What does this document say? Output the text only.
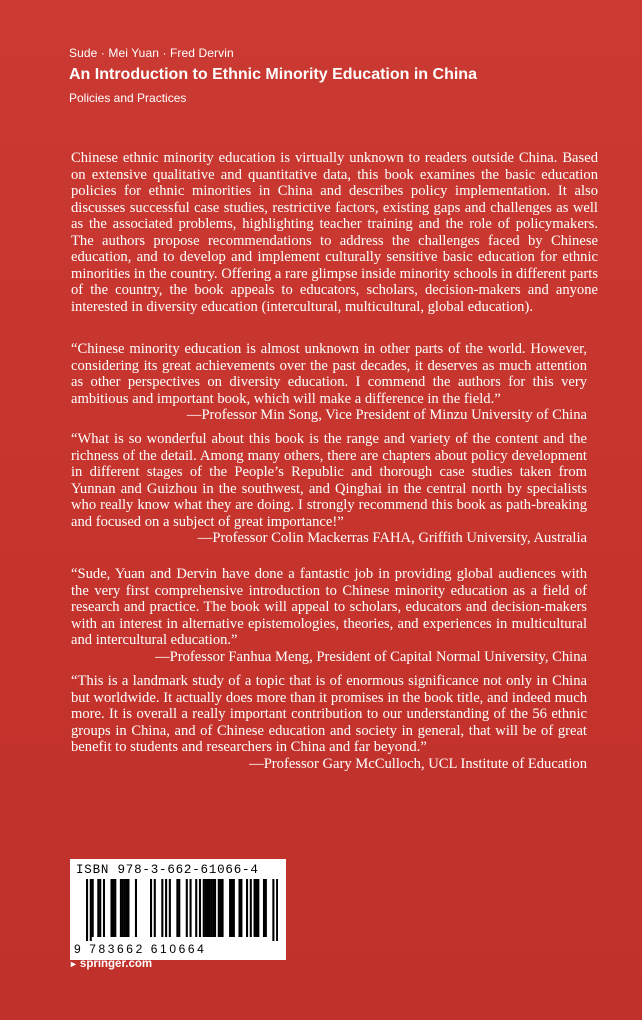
Sude · Mei Yuan · Fred Dervin
An Introduction to Ethnic Minority Education in China
Policies and Practices
Chinese ethnic minority education is virtually unknown to readers outside China. Based on extensive qualitative and quantitative data, this book examines the basic education policies for ethnic minorities in China and describes policy implementation. It also discusses successful case studies, restrictive factors, existing gaps and challenges as well as the associated problems, highlighting teacher training and the role of policymakers. The authors propose recommendations to address the challenges faced by Chinese education, and to develop and implement culturally sensitive basic education for ethnic minorities in the country. Offering a rare glimpse inside minority schools in different parts of the country, the book appeals to educators, scholars, decision-makers and anyone interested in diversity education (intercultural, multicultural, global education).
“Chinese minority education is almost unknown in other parts of the world. However, considering its great achievements over the past decades, it deserves as much attention as other perspectives on diversity education. I commend the authors for this very ambitious and important book, which will make a difference in the field.”
—Professor Min Song, Vice President of Minzu University of China
“What is so wonderful about this book is the range and variety of the content and the richness of the detail. Among many others, there are chapters about policy development in different stages of the People’s Republic and thorough case studies taken from Yunnan and Guizhou in the southwest, and Qinghai in the central north by specialists who really know what they are doing. I strongly recommend this book as path-breaking and focused on a subject of great importance!”
—Professor Colin Mackerras FAHA, Griffith University, Australia
“Sude, Yuan and Dervin have done a fantastic job in providing global audiences with the very first comprehensive introduction to Chinese minority education as a field of research and practice. The book will appeal to scholars, educators and decision-makers with an interest in alternative epistemologies, theories, and experiences in multicultural and intercultural education.”
—Professor Fanhua Meng, President of Capital Normal University, China
“This is a landmark study of a topic that is of enormous significance not only in China but worldwide. It actually does more than it promises in the book title, and indeed much more. It is overall a really important contribution to our understanding of the 56 ethnic groups in China, and of Chinese education and society in general, that will be of great benefit to students and researchers in China and far beyond.”
—Professor Gary McCulloch, UCL Institute of Education
ISBN 978-3-662-61066-4
9 783662 610664
► springer.com
